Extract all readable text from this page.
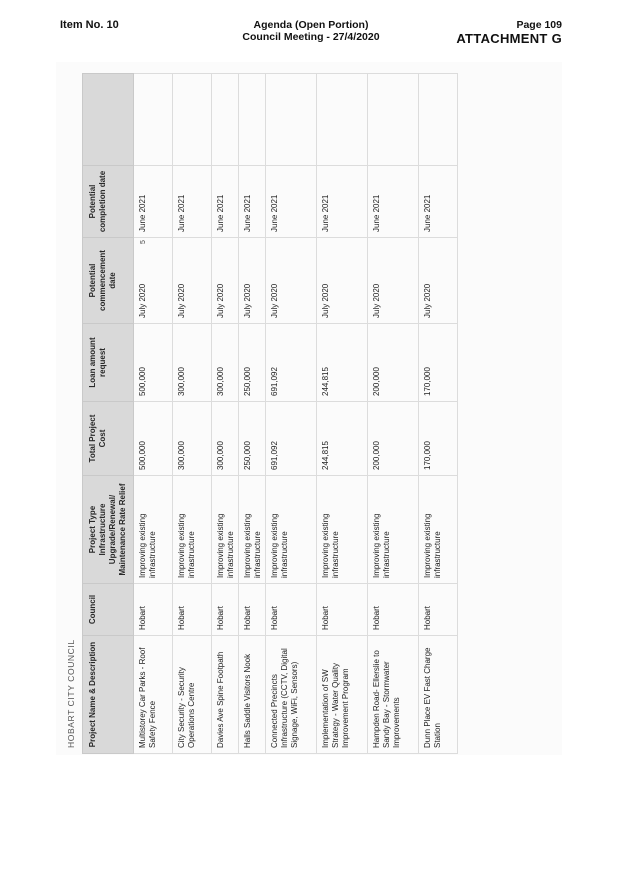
Item No. 10	Agenda (Open Portion)
Council Meeting - 27/4/2020
Page 109
ATTACHMENT G
HOBART CITY COUNCIL
5
Project Name & Description	Council	Project Type Infrastructure Upgrade/Renewal/ Maintenance Rate Relief	Total Project Cost	Loan amount request	Potential commencement date	Potential completion date	
Multistorey Car Parks - Roof Safety Fence	Hobart	Improving existing infrastructure	500,000	500,000	July 2020	June 2021	
City Security - Security Operations Centre	Hobart	Improving existing infrastructure	300,000	300,000	July 2020	June 2021	
Davies Ave Spine Footpath	Hobart	Improving existing infrastructure	300,000	300,000	July 2020	June 2021	
Halls Saddle Visitors Nook	Hobart	Improving existing infrastructure	250,000	250,000	July 2020	June 2021	
Connected Precincts Infrastructure (CCTV, Digital Signage, WiFi, Sensors)	Hobart	Improving existing infrastructure	691,092	691,092	July 2020	June 2021	
Implementation of SW Strategy - Water Quality Improvement Program	Hobart	Improving existing infrastructure	244,815	244,815	July 2020	June 2021	
Hampden Road- Ellerslie to Sandy Bay - Stormwater Improvements	Hobart	Improving existing infrastructure	200,000	200,000	July 2020	June 2021	
Dunn Place EV Fast Charge Station	Hobart	Improving existing infrastructure	170,000	170,000	July 2020	June 2021	
